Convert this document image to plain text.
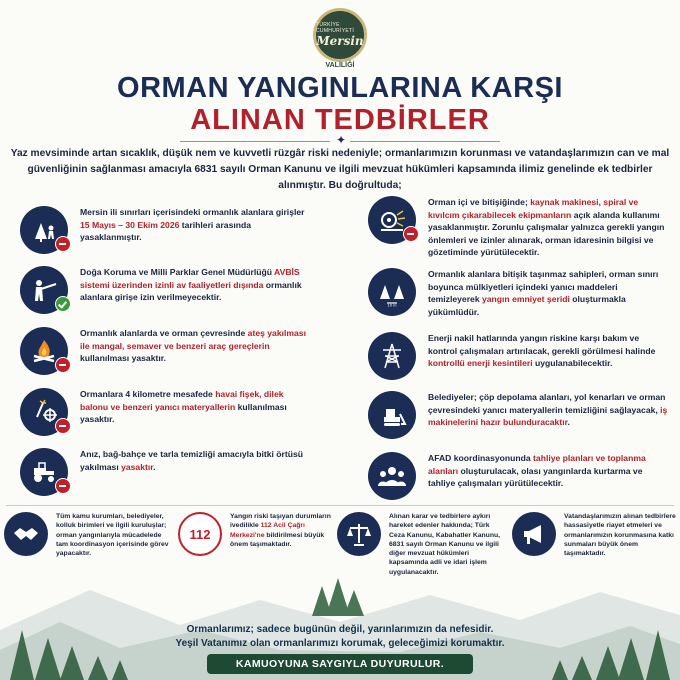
TÜRKİYE CUMHURİYETİ
Mersin
VALİLİĞİ
ORMAN YANGINLARINA KARŞI
ALINAN TEDBİRLER
✦
Yaz mevsiminde artan sıcaklık, düşük nem ve kuvvetli rüzgâr riski nedeniyle; ormanlarımızın korunması ve vatandaşlarımızın can ve mal güvenliğinin sağlanması amacıyla 6831 sayılı Orman Kanunu ve ilgili mevzuat hükümleri kapsamında ilimiz genelinde ek tedbirler alınmıştır. Bu doğrultuda;
Mersin ili sınırları içerisindeki ormanlık alanlara girişler 15 Mayıs – 30 Ekim 2026 tarihleri arasında yasaklanmıştır.
Doğa Koruma ve Milli Parklar Genel Müdürlüğü AVBİS sistemi üzerinden izinli av faaliyetleri dışında ormanlık alanlara girişe izin verilmeyecektir.
Ormanlık alanlarda ve orman çevresinde ateş yakılması ile mangal, semaver ve benzeri araç gereçlerin kullanılması yasaktır.
Ormanlara 4 kilometre mesafede havai fişek, dilek balonu ve benzeri yanıcı materyallerin kullanılması yasaktır.
Anız, bağ-bahçe ve tarla temizliği amacıyla bitki örtüsü yakılması yasaktır.
Orman içi ve bitişiğinde; kaynak makinesi, spiral ve kıvılcım çıkarabilecek ekipmanların açık alanda kullanımı yasaklanmıştır. Zorunlu çalışmalar yalnızca gerekli yangın önlemleri ve izinler alınarak, orman idaresinin bilgisi ve gözetiminde yürütülecektir.
10 m
Ormanlık alanlara bitişik taşınmaz sahipleri, orman sınırı boyunca mülkiyetleri içindeki yanıcı maddeleri temizleyerek yangın emniyet şeridi oluşturmakla yükümlüdür.
Enerji nakil hatlarında yangın riskine karşı bakım ve kontrol çalışmaları artırılacak, gerekli görülmesi halinde kontrollü enerji kesintileri uygulanabilecektir.
Belediyeler; çöp depolama alanları, yol kenarları ve orman çevresindeki yanıcı materyallerin temizliğini sağlayacak, iş makinelerini hazır bulunduracaktır.
AFAD koordinasyonunda tahliye planları ve toplanma alanları oluşturulacak, olası yangınlarda kurtarma ve tahliye çalışmaları yürütülecektir.
Tüm kamu kurumları, belediyeler, kolluk birimleri ve ilgili kuruluşlar; orman yangınlarıyla mücadelede tam koordinasyon içerisinde görev yapacaktır.
112
Yangın riski taşıyan durumların ivedilikle 112 Acil Çağrı Merkezi'ne bildirilmesi büyük önem taşımaktadır.
Alınan karar ve tedbirlere aykırı hareket edenler hakkında; Türk Ceza Kanunu, Kabahatler Kanunu, 6831 sayılı Orman Kanunu ve ilgili diğer mevzuat hükümleri kapsamında adli ve idari işlem uygulanacaktır.
Vatandaşlarımızın alınan tedbirlere hassasiyetle riayet etmeleri ve ormanlarımızın korunmasına katkı sunmaları büyük önem taşımaktadır.
Ormanlarımız; sadece bugünün değil, yarınlarımızın da nefesidir.
Yeşil Vatanımız olan ormanlarımızı korumak, geleceğimizi korumaktır.
KAMUOYUNA SAYGIYLA DUYURULUR.
